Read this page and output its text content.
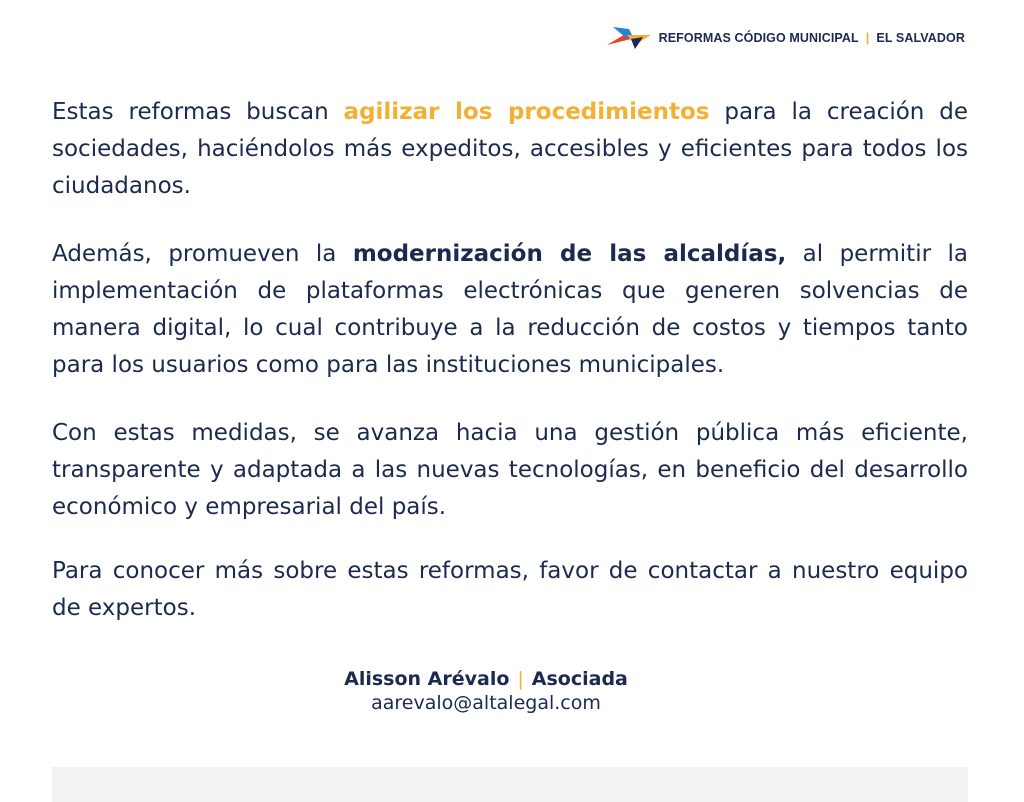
REFORMAS CÓDIGO MUNICIPAL | EL SALVADOR

Estas reformas buscan agilizar los procedimientos para la creación de sociedades, haciéndolos más expeditos, accesibles y eficientes para todos los ciudadanos.

Además, promueven la modernización de las alcaldías, al permitir la implementación de plataformas electrónicas que generen solvencias de manera digital, lo cual contribuye a la reducción de costos y tiempos tanto para los usuarios como para las instituciones municipales.

Con estas medidas, se avanza hacia una gestión pública más eficiente, transparente y adaptada a las nuevas tecnologías, en beneficio del desarrollo económico y empresarial del país.

Para conocer más sobre estas reformas, favor de contactar a nuestro equipo de expertos.

Alisson Arévalo | Asociada
aarevalo@altalegal.com
